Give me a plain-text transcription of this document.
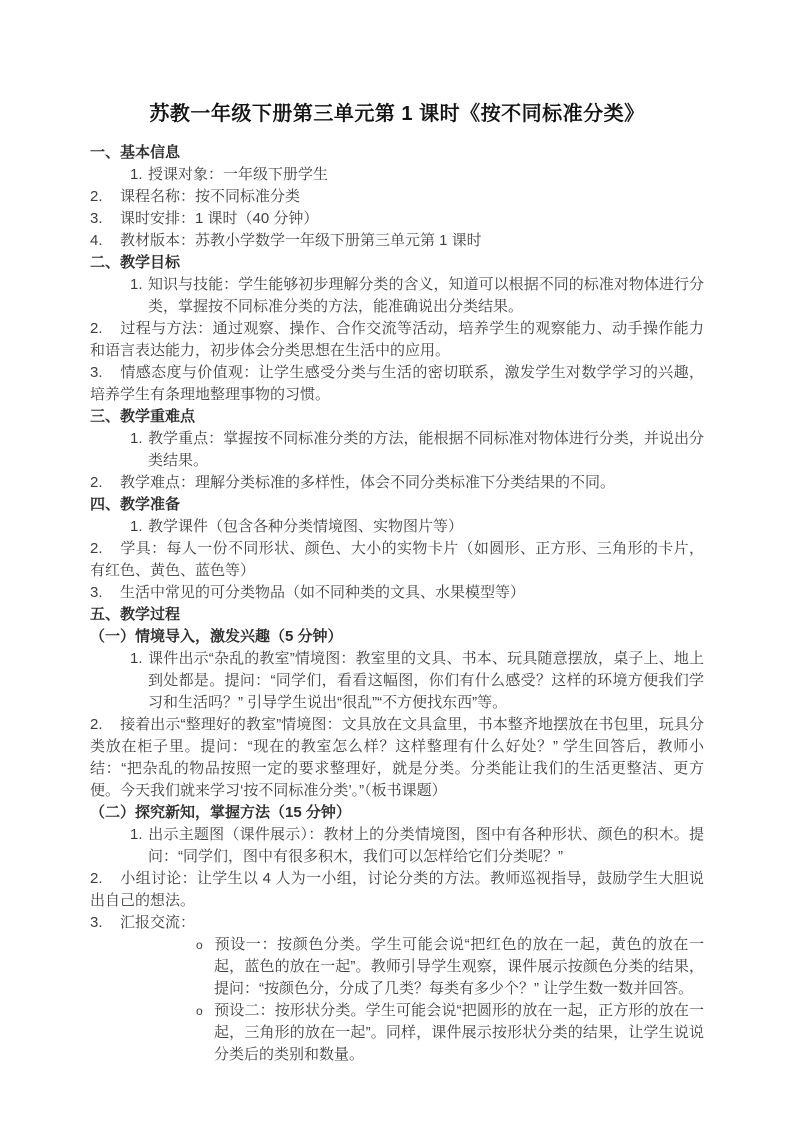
苏教一年级下册第三单元第 1 课时《按不同标准分类》

一、基本信息

1. 授课对象：一年级下册学生

2. 课程名称：按不同标准分类

3. 课时安排：1 课时（40 分钟）

4. 教材版本：苏教小学数学一年级下册第三单元第 1 课时

二、教学目标

1. 知识与技能：学生能够初步理解分类的含义，知道可以根据不同的标准对物体进行分类，掌握按不同标准分类的方法，能准确说出分类结果。

2. 过程与方法：通过观察、操作、合作交流等活动，培养学生的观察能力、动手操作能力和语言表达能力，初步体会分类思想在生活中的应用。

3. 情感态度与价值观：让学生感受分类与生活的密切联系，激发学生对数学学习的兴趣，培养学生有条理地整理事物的习惯。

三、教学重难点

1. 教学重点：掌握按不同标准分类的方法，能根据不同标准对物体进行分类，并说出分类结果。

2. 教学难点：理解分类标准的多样性，体会不同分类标准下分类结果的不同。

四、教学准备

1. 教学课件（包含各种分类情境图、实物图片等）

2. 学具：每人一份不同形状、颜色、大小的实物卡片（如圆形、正方形、三角形的卡片，有红色、黄色、蓝色等）

3. 生活中常见的可分类物品（如不同种类的文具、水果模型等）

五、教学过程

（一）情境导入，激发兴趣（5 分钟）

1. 课件出示“杂乱的教室”情境图：教室里的文具、书本、玩具随意摆放，桌子上、地上到处都是。提问：“同学们，看看这幅图，你们有什么感受？这样的环境方便我们学习和生活吗？” 引导学生说出“很乱”“不方便找东西”等。

2. 接着出示“整理好的教室”情境图：文具放在文具盒里，书本整齐地摆放在书包里，玩具分类放在柜子里。提问：“现在的教室怎么样？这样整理有什么好处？” 学生回答后，教师小结：“把杂乱的物品按照一定的要求整理好，就是分类。分类能让我们的生活更整洁、更方便。今天我们就来学习‘按不同标准分类’。”（板书课题）

（二）探究新知，掌握方法（15 分钟）

1. 出示主题图（课件展示）：教材上的分类情境图，图中有各种形状、颜色的积木。提问：“同学们，图中有很多积木，我们可以怎样给它们分类呢？”

2. 小组讨论：让学生以 4 人为一小组，讨论分类的方法。教师巡视指导，鼓励学生大胆说出自己的想法。

3. 汇报交流：

o 预设一：按颜色分类。学生可能会说“把红色的放在一起，黄色的放在一起，蓝色的放在一起”。教师引导学生观察，课件展示按颜色分类的结果，提问：“按颜色分，分成了几类？每类有多少个？” 让学生数一数并回答。

o 预设二：按形状分类。学生可能会说“把圆形的放在一起，正方形的放在一起，三角形的放在一起”。同样，课件展示按形状分类的结果，让学生说说分类后的类别和数量。
